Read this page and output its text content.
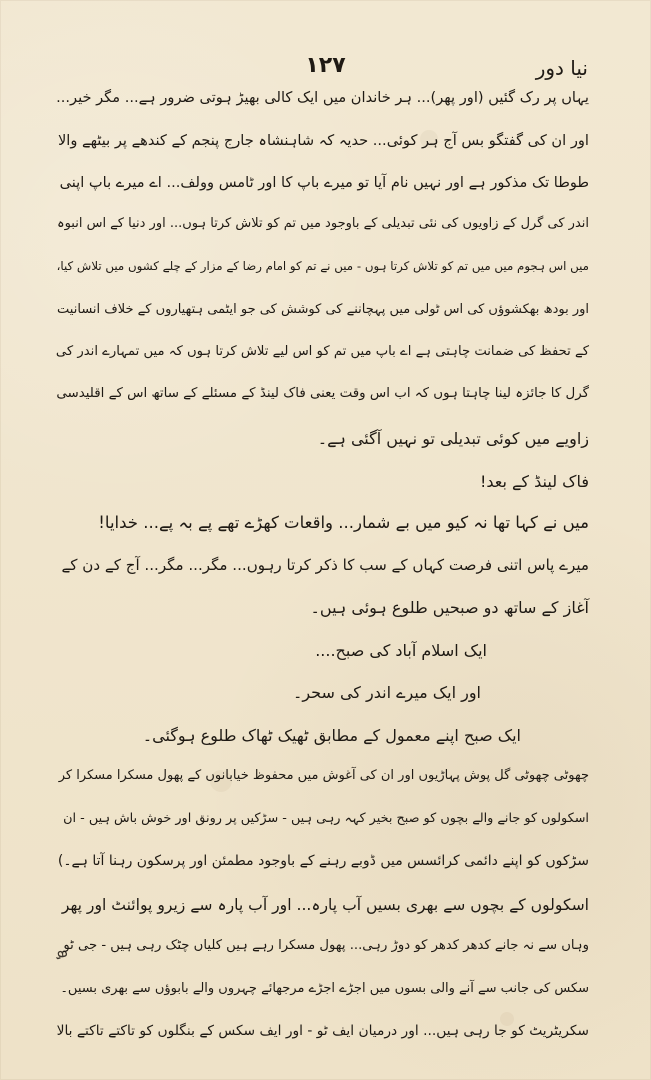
نیا دور
۱۲۷
یہاں پر رک گئیں (اور پھر)... ہر خاندان میں ایک کالی بھیڑ ہوتی ضرور ہے... مگر خیر...
اور ان کی گفتگو بس آج ہر کوئی... حدیہ کہ شاہنشاہ جارج پنجم کے کندھے پر بیٹھے والا
طوطا تک مذکور ہے اور نہیں نام آیا تو میرے باپ کا اور ٹامس وولف... اے میرے باپ اپنی
اندر کی گرل کے زاویوں کی نئی تبدیلی کے باوجود میں تم کو تلاش کرتا ہوں... اور دنیا کے اس انبوہ
میں اس ہجوم میں میں تم کو تلاش کرتا ہوں - میں نے تم کو امام رضا کے مزار کے چلے کشوں میں تلاش کیا،
اور بودھ بھکشوؤں کی اس ٹولی میں پہچاننے کی کوشش کی جو ایٹمی ہتھیاروں کے خلاف انسانیت
کے تحفظ کی ضمانت چاہتی ہے اے باپ میں تم کو اس لیے تلاش کرتا ہوں کہ میں تمہارے اندر کی
گرل کا جائزہ لینا چاہتا ہوں کہ اب اس وقت یعنی فاک لینڈ کے مسئلے کے ساتھ اس کے اقلیدسی
زاویے میں کوئی تبدیلی تو نہیں آگئی ہے۔
فاک لینڈ کے بعد!
میں نے کہا تھا نہ کیو میں بے شمار... واقعات کھڑے تھے پے بہ پے... خدایا!
میرے پاس اتنی فرصت کہاں کے سب کا ذکر کرتا رہوں... مگر... مگر... آج کے دن کے
آغاز کے ساتھ دو صبحیں طلوع ہوئی ہیں۔
ایک اسلام آباد کی صبح....
اور ایک میرے اندر کی سحر۔
ایک صبح اپنے معمول کے مطابق ٹھیک ٹھاک طلوع ہوگئی۔
چھوٹی چھوٹی گل پوش پہاڑیوں اور ان کی آغوش میں محفوظ خیابانوں کے پھول مسکرا مسکرا کر
اسکولوں کو جانے والے بچوں کو صبح بخیر کہہ رہی ہیں - سڑکیں پر رونق اور خوش باش ہیں - ان
سڑکوں کو اپنے دائمی کرائسس میں ڈوبے رہنے کے باوجود مطمئن اور پرسکون رہنا آتا ہے۔)
اسکولوں کے بچوں سے بھری بسیں آب پارہ... اور آب پارہ سے زیرو پوائنٹ اور پھر
وہاں سے نہ جانے کدھر کدھر کو دوڑ رہی... پھول مسکرا رہے ہیں کلیاں چٹک رہی ہیں - جی ٹو
سکس کی جانب سے آنے والی بسوں میں اجڑے اجڑے مرجھائے چہروں والے بابوؤں سے بھری بسیں۔
سکریٹریٹ کو جا رہی ہیں... اور درمیان ایف ٹو - اور ایف سکس کے بنگلوں کو تاکتے تاکتے بالا
ܣ
